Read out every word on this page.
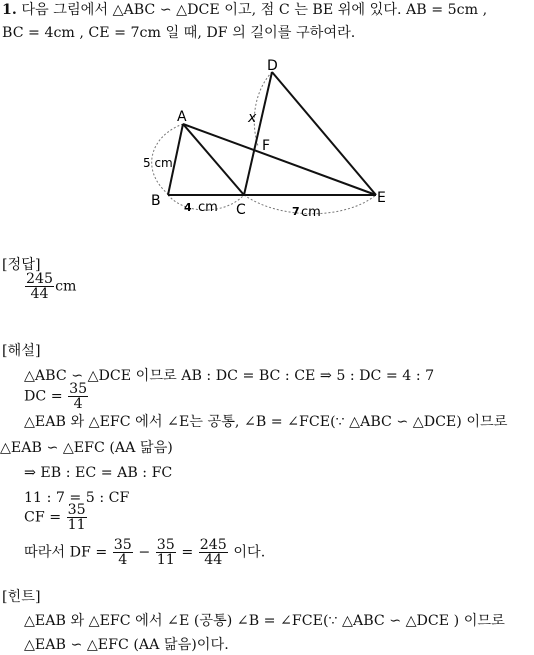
1. 다음 그림에서 △ABC ∽ △DCE 이고, 점 C 는 BE 위에 있다. AB = 5cm ,
BC = 4cm , CE = 7cm 일 때, DF 의 길이를 구하여라.
A
B
C
D
E
F
x
5 cm
4 cm	7 cm
[정답]
$\frac{245}{44}$ cm
[해설]
△ABC ∽ △DCE 이므로 AB : DC = BC : CE ⇒ 5 : DC = 4 : 7
DC = $\frac{35}{4}$
△EAB 와 △EFC 에서 ∠E는 공통, ∠B = ∠FCE(∵ △ABC ∽ △DCE) 이므로
△EAB ∽ △EFC (AA 닮음)
⇒ EB : EC = AB : FC
11 : 7 = 5 : CF
CF = $\frac{35}{11}$
따라서 DF = $\frac{35}{4} - \frac{35}{11} = \frac{245}{44}$ 이다.
[힌트]
△EAB 와 △EFC 에서 ∠E (공통) ∠B = ∠FCE(∵ △ABC ∽ △DCE ) 이므로
△EAB ∽ △EFC (AA 닮음)이다.
